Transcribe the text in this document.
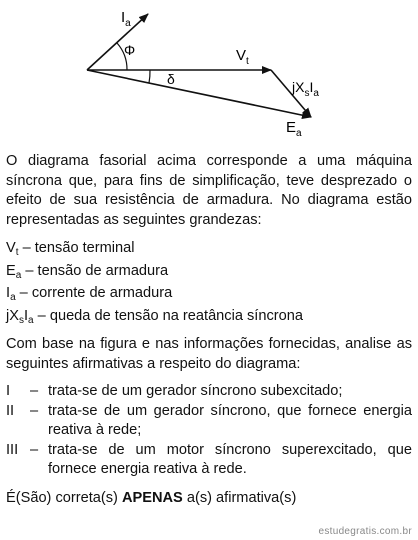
$I_a$
Φ	$V_t$
δ	$jX_sI_a$
$E_a$
O diagrama fasorial acima corresponde a uma máquina síncrona que, para fins de simplificação, teve desprezado o efeito de sua resistência de armadura. No diagrama estão representadas as seguintes grandezas:
$V_t$ – tensão terminal
$E_a$ – tensão de armadura
$I_a$ – corrente de armadura
$jX_sI_a$ – queda de tensão na reatância síncrona
Com base na figura e nas informações fornecidas, analise as seguintes afirmativas a respeito do diagrama:
I – trata-se de um gerador síncrono subexcitado;
II – trata-se de um gerador síncrono, que fornece energia reativa à rede;
III – trata-se de um motor síncrono superexcitado, que fornece energia reativa à rede.
É(São) correta(s) APENAS a(s) afirmativa(s)
estudegratis.com.br
